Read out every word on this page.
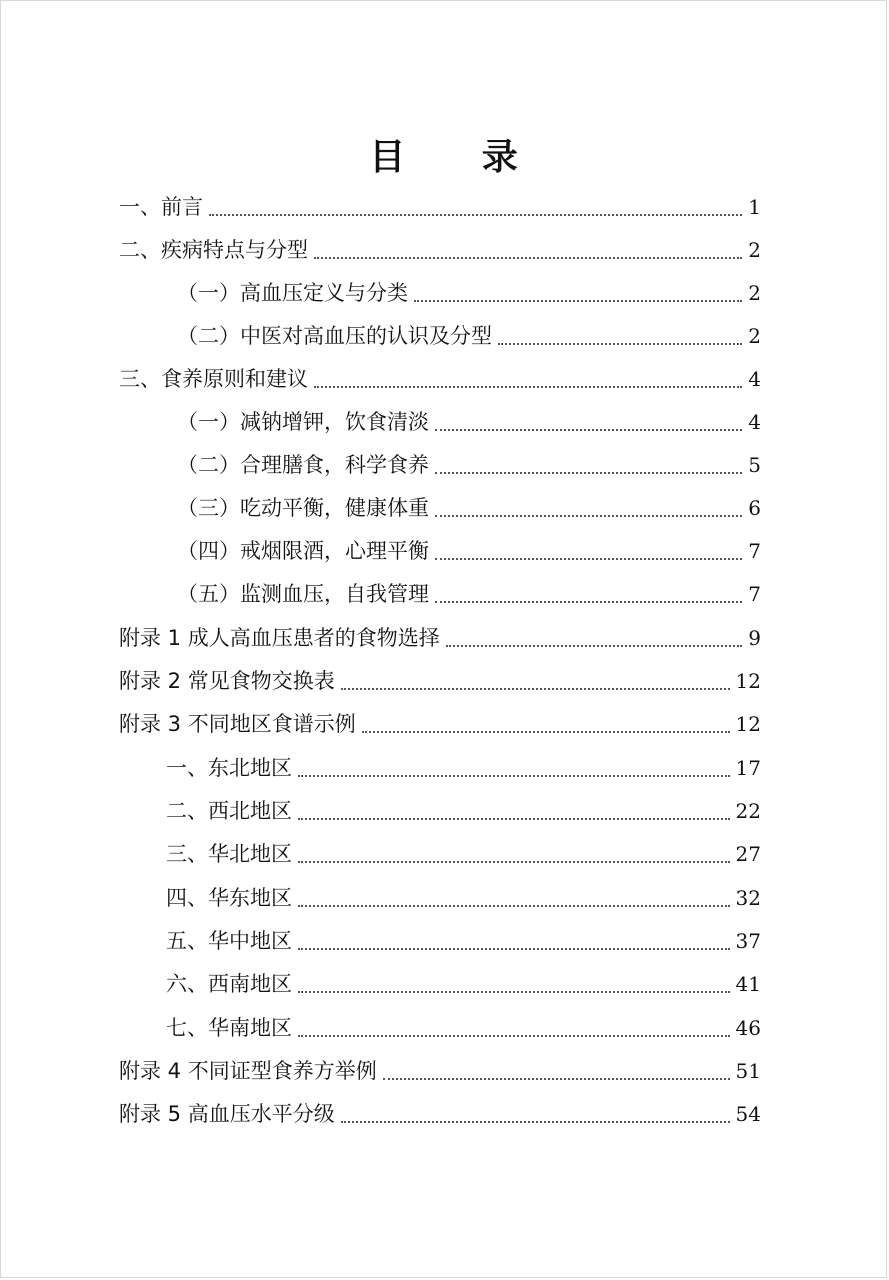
目 录
一、前言	1
二、疾病特点与分型	2
（一）高血压定义与分类	2
（二）中医对高血压的认识及分型	2
三、食养原则和建议	4
（一）减钠增钾，饮食清淡	4
（二）合理膳食，科学食养	5
（三）吃动平衡，健康体重	6
（四）戒烟限酒，心理平衡	7
（五）监测血压，自我管理	7
附录 1 成人高血压患者的食物选择	9
附录 2 常见食物交换表	12
附录 3 不同地区食谱示例	12
一、东北地区	17
二、西北地区	22
三、华北地区	27
四、华东地区	32
五、华中地区	37
六、西南地区	41
七、华南地区	46
附录 4 不同证型食养方举例	51
附录 5 高血压水平分级	54
